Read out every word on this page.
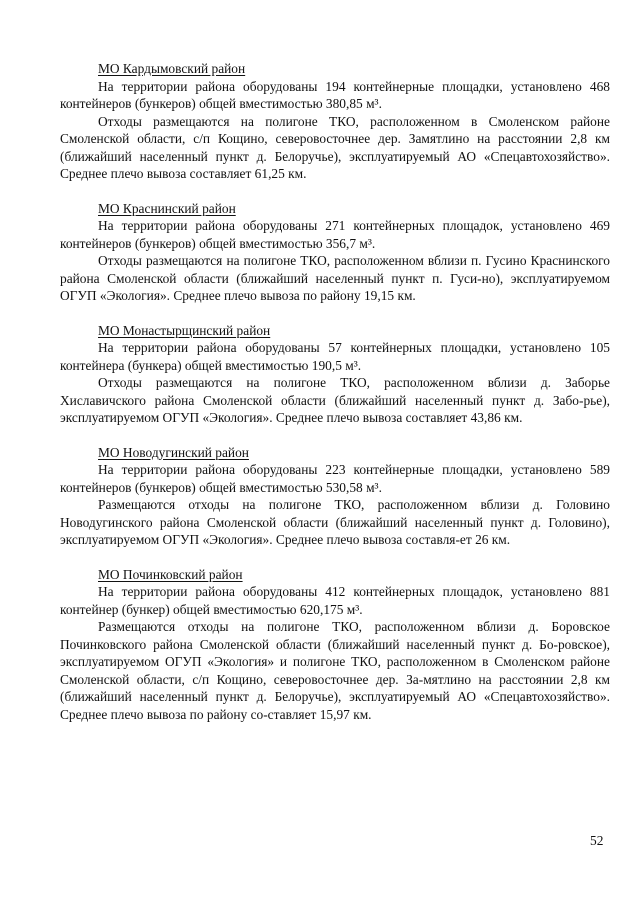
МО Кардымовский район

На территории района оборудованы 194 контейнерные площадки, установлено 468 контейнеров (бункеров) общей вместимостью 380,85 м³.

Отходы размещаются на полигоне ТКО, расположенном в Смоленском районе Смоленской области, с/п Кощино, северовосточнее дер. Замятлино на расстоянии 2,8 км (ближайший населенный пункт д. Белоручье), эксплуатируемый АО «Спецавтохозяйство». Среднее плечо вывоза составляет 61,25 км.

МО Краснинский район

На территории района оборудованы 271 контейнерных площадок, установлено 469 контейнеров (бункеров) общей вместимостью 356,7 м³.

Отходы размещаются на полигоне ТКО, расположенном вблизи п. Гусино Краснинского района Смоленской области (ближайший населенный пункт п. Гуси-но), эксплуатируемом ОГУП «Экология». Среднее плечо вывоза по району 19,15 км.

МО Монастырщинский район

На территории района оборудованы 57 контейнерных площадки, установлено 105 контейнера (бункера) общей вместимостью 190,5 м³.

Отходы размещаются на полигоне ТКО, расположенном вблизи д. Заборье Хиславичского района Смоленской области (ближайший населенный пункт д. Забо-рье), эксплуатируемом ОГУП «Экология». Среднее плечо вывоза составляет 43,86 км.

МО Новодугинский район

На территории района оборудованы 223 контейнерные площадки, установлено 589 контейнеров (бункеров) общей вместимостью 530,58 м³.

Размещаются отходы на полигоне ТКО, расположенном вблизи д. Головино Новодугинского района Смоленской области (ближайший населенный пункт д. Головино), эксплуатируемом ОГУП «Экология». Среднее плечо вывоза составля-ет 26 км.

МО Починковский район

На территории района оборудованы 412 контейнерных площадок, установлено 881 контейнер (бункер) общей вместимостью 620,175 м³.

Размещаются отходы на полигоне ТКО, расположенном вблизи д. Боровское Починковского района Смоленской области (ближайший населенный пункт д. Бо-ровское), эксплуатируемом ОГУП «Экология» и полигоне ТКО, расположенном в Смоленском районе Смоленской области, с/п Кощино, северовосточнее дер. За-мятлино на расстоянии 2,8 км (ближайший населенный пункт д. Белоручье), эксплуатируемый АО «Спецавтохозяйство». Среднее плечо вывоза по району со-ставляет 15,97 км.

52
